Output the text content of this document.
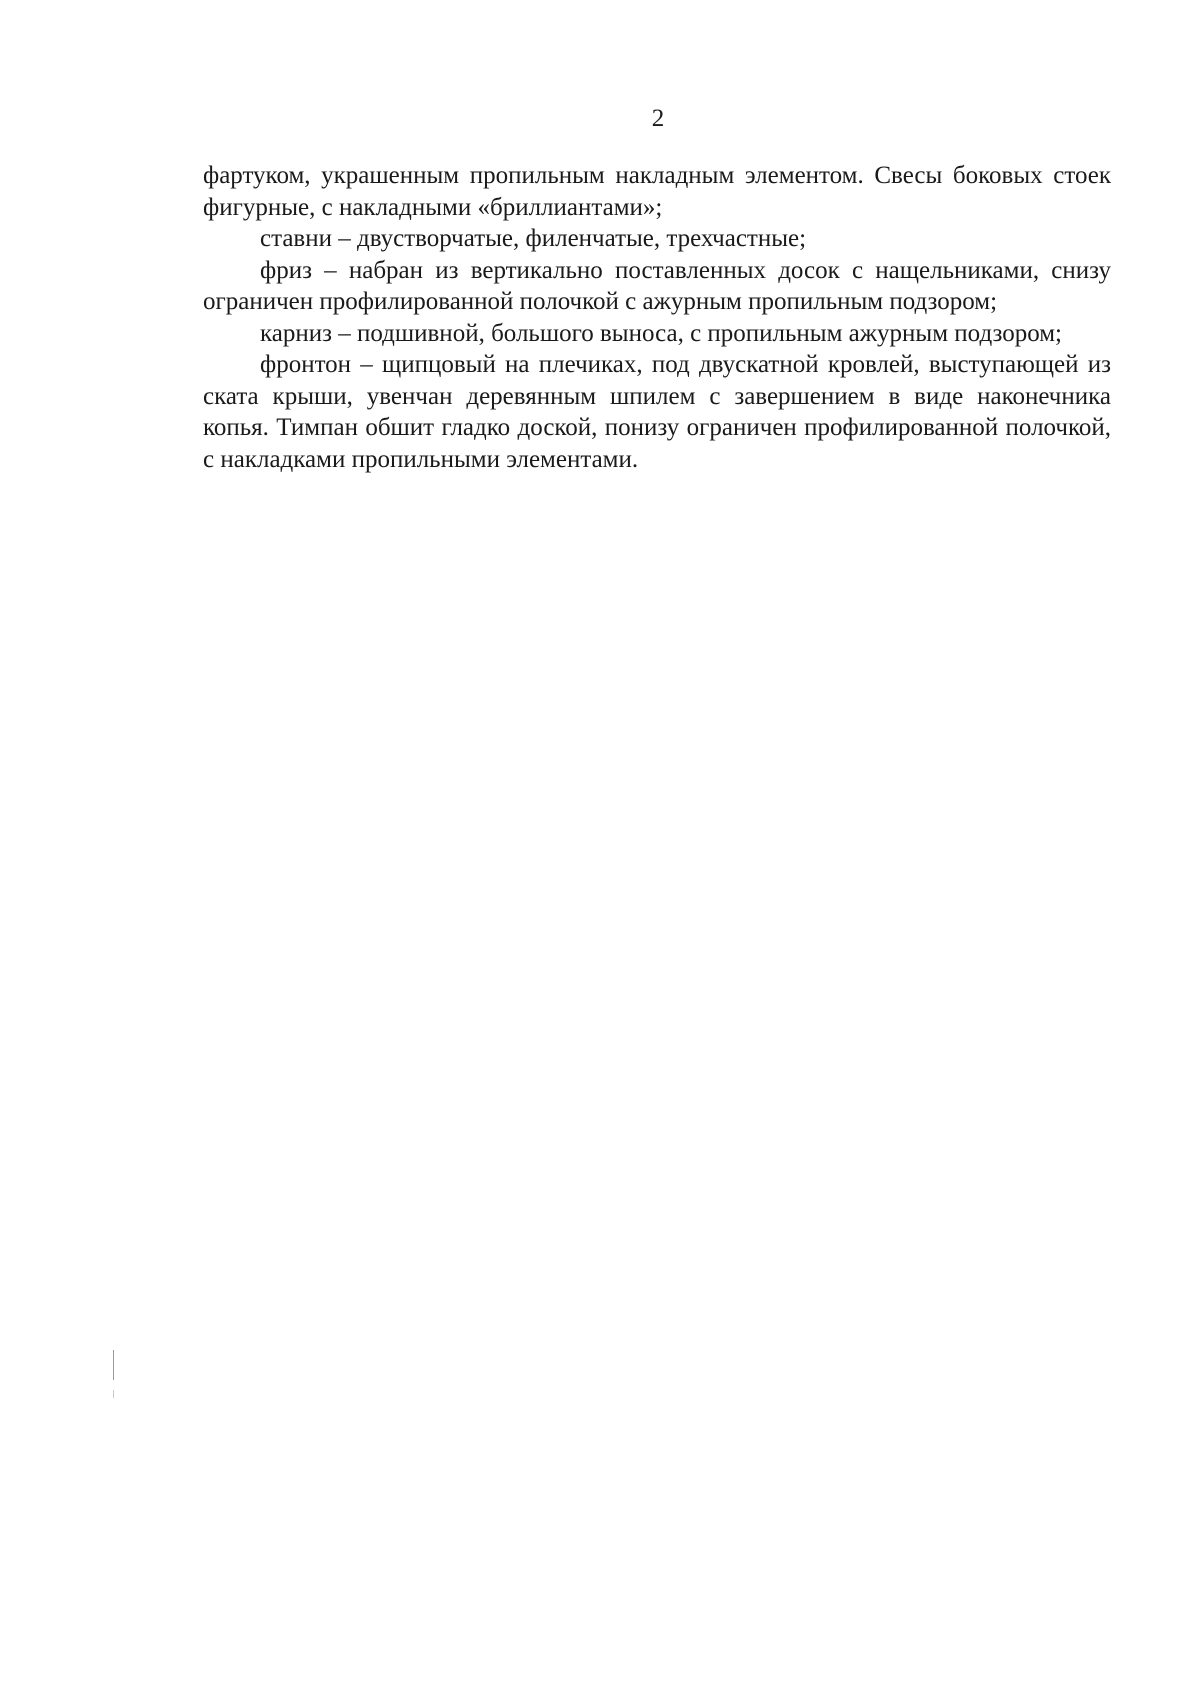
2

фартуком, украшенным пропильным накладным элементом. Свесы боковых стоек фигурные, с накладными «бриллиантами»;

ставни – двустворчатые, филенчатые, трехчастные;

фриз – набран из вертикально поставленных досок с нащельниками, снизу ограничен профилированной полочкой с ажурным пропильным подзором;

карниз – подшивной, большого выноса, с пропильным ажурным подзором;

фронтон – щипцовый на плечиках, под двускатной кровлей, выступающей из ската крыши, увенчан деревянным шпилем с завершением в виде наконечника копья. Тимпан обшит гладко доской, понизу ограничен профилированной полочкой, с накладками пропильными элементами.
